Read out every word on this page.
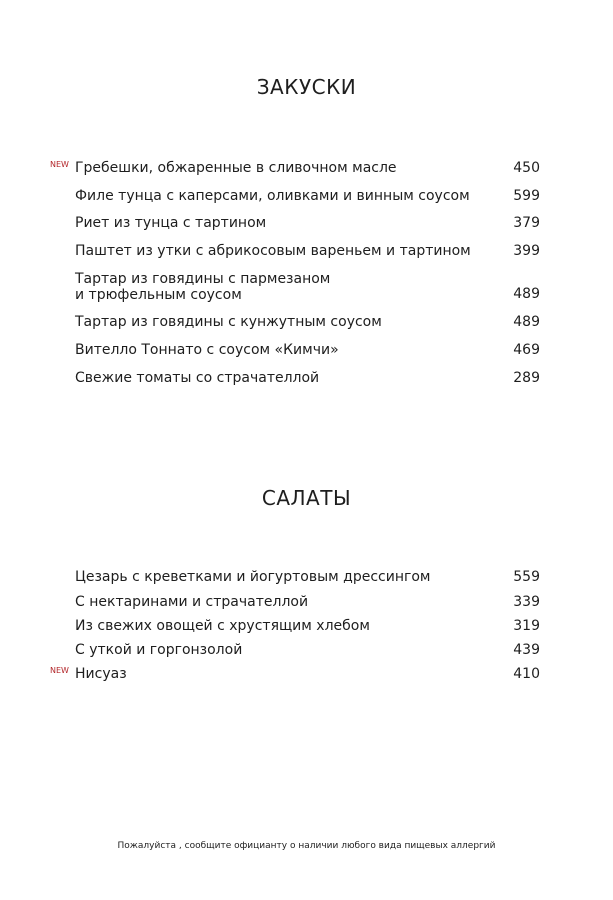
ЗАКУСКИ
NEW Гребешки, обжаренные в сливочном масле	450
Филе тунца с каперсами, оливками и винным соусом	599
Риет из тунца с тартином	379
Паштет из утки с абрикосовым вареньем и тартином	399
Тартар из говядины с пармезаном
и трюфельным соусом	489
Тартар из говядины с кунжутным соусом	489
Вителло Тоннато с соусом «Кимчи»	469
Свежие томаты со страчателлой	289
САЛАТЫ
Цезарь с креветками и йогуртовым дрессингом	559
С нектаринами и страчателлой	339
Из свежих овощей с хрустящим хлебом	319
С уткой и горгонзолой	439
NEW Нисуаз	410
Пожалуйста , сообщите официанту о наличии любого вида пищевых аллергий
